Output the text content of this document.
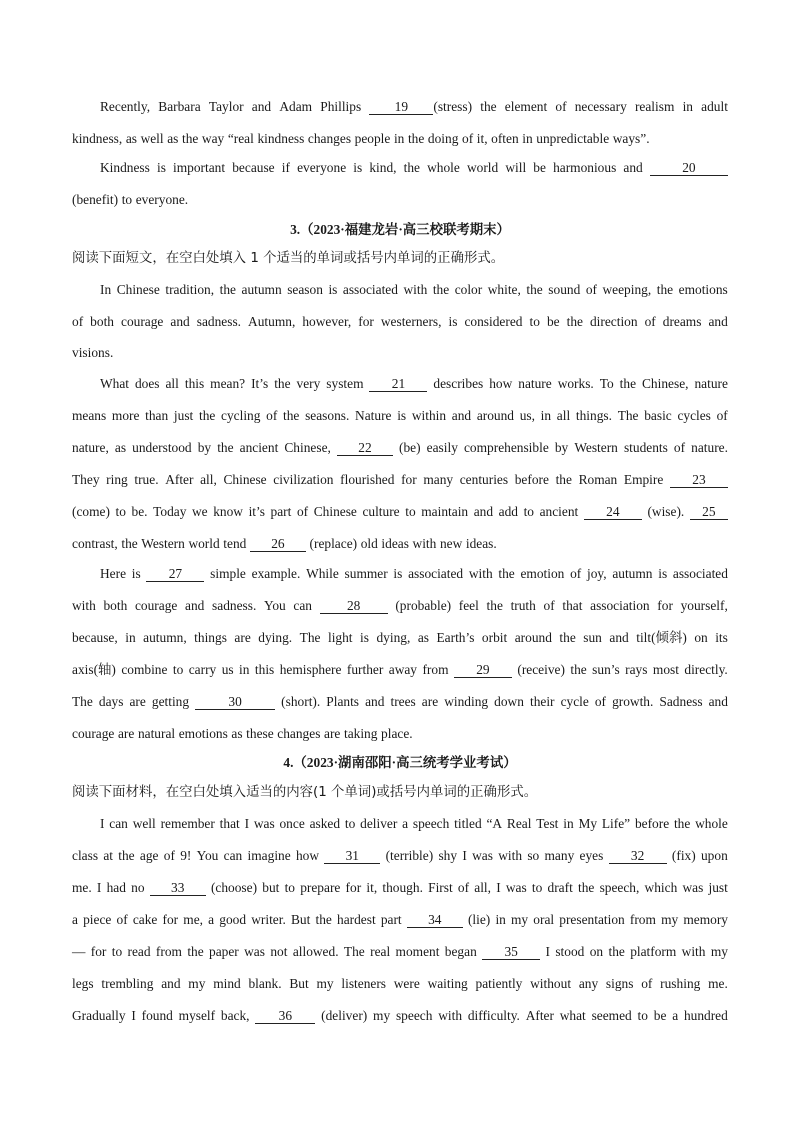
Recently, Barbara Taylor and Adam Phillips	19 (stress) the element of necessary realism in adult
kindness, as well as the way “real kindness changes people in the doing of it, often in unpredictable ways”.
Kindness is important because if everyone is kind, the whole world will be harmonious and	20
(benefit) to everyone.
3.（2023·福建龙岩·高三校联考期末）
阅读下面短文，在空白处填入 1 个适当的单词或括号内单词的正确形式。
In Chinese tradition, the autumn season is associated with the color white, the sound of weeping, the emotions
of both courage and sadness. Autumn, however, for westerners, is considered to be the direction of dreams and
visions.
What does all this mean? It’s the very system	21	describes how nature works. To the Chinese, nature
means more than just the cycling of the seasons. Nature is within and around us, in all things. The basic cycles of
nature, as understood by the ancient Chinese,	22	(be) easily comprehensible by Western students of nature.
They ring true. After all, Chinese civilization flourished for many centuries before the Roman Empire	23
(come) to be. Today we know it’s part of Chinese culture to maintain and add to ancient	24	(wise).	25
contrast, the Western world tend	26	(replace) old ideas with new ideas.
Here is	27	simple example. While summer is associated with the emotion of joy, autumn is associated
with both courage and sadness. You can	28	(probable) feel the truth of that association for yourself,
because, in autumn, things are dying. The light is dying, as Earth’s orbit around the sun and tilt(倾斜) on its
axis(轴) combine to carry us in this hemisphere further away from	29	(receive) the sun’s rays most directly.
The days are getting	30	(short). Plants and trees are winding down their cycle of growth. Sadness and
courage are natural emotions as these changes are taking place.
4.（2023·湖南邵阳·高三统考学业考试）
阅读下面材料，在空白处填入适当的内容(1 个单词)或括号内单词的正确形式。
I can well remember that I was once asked to deliver a speech titled “A Real Test in My Life” before the whole
class at the age of 9! You can imagine how	31	(terrible) shy I was with so many eyes	32	(fix) upon
me. I had no	33	(choose) but to prepare for it, though. First of all, I was to draft the speech, which was just
a piece of cake for me, a good writer. But the hardest part	34	(lie) in my oral presentation from my memory
— for to read from the paper was not allowed. The real moment began	35	I stood on the platform with my
legs trembling and my mind blank. But my listeners were waiting patiently without any signs of rushing me.
Gradually I found myself back,	36	(deliver) my speech with difficulty. After what seemed to be a hundred
